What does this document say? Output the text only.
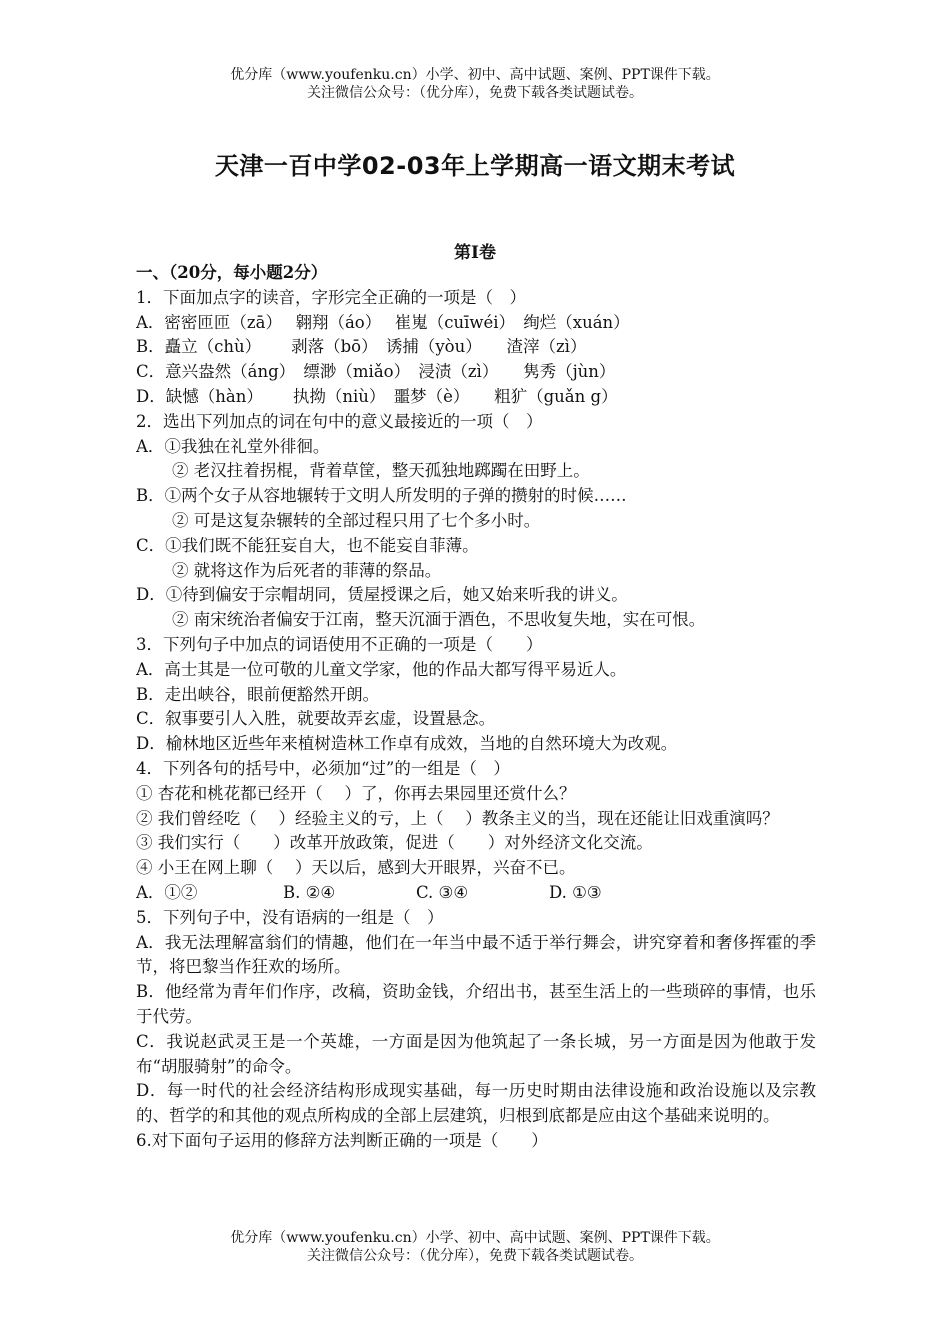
优分库（www.youfenku.cn）小学、初中、高中试题、案例、PPT课件下载。
关注微信公众号：（优分库），免费下载各类试题试卷。
天津一百中学02-03年上学期高一语文期末考试
第Ⅰ卷
一、（20分，每小题2分）
1．下面加点字的读音，字形完全正确的一项是（　）
A．密密匝匝（zā）　 翱翔（áo）　 崔嵬（cuīwéi）　绚烂（xuán）
B．矗立（chù）　　 剥落（bō）　诱捕（yòu）　　渣滓（zì）
C．意兴盎然（áng）　缥渺（miǎo）　浸渍（zì）　　隽秀（jùn）
D．缺憾（hàn）　　 执拗（niù）　噩梦（è）　　粗犷（guǎn g）
2．选出下列加点的词在句中的意义最接近的一项（　）
A．①我独在礼堂外徘徊。
② 老汉拄着拐棍，背着草筐，整天孤独地踯躅在田野上。
B．①两个女子从容地辗转于文明人所发明的子弹的攒射的时候……
② 可是这复杂辗转的全部过程只用了七个多小时。
C．①我们既不能狂妄自大，也不能妄自菲薄。
② 就将这作为后死者的菲薄的祭品。
D．①待到偏安于宗帽胡同，赁屋授课之后，她又始来听我的讲义。
② 南宋统治者偏安于江南，整天沉湎于酒色，不思收复失地，实在可恨。
3．下列句子中加点的词语使用不正确的一项是（　　）
A．高士其是一位可敬的儿童文学家，他的作品大都写得平易近人。
B．走出峡谷，眼前便豁然开朗。
C．叙事要引人入胜，就要故弄玄虚，设置悬念。
D．榆林地区近些年来植树造林工作卓有成效，当地的自然环境大为改观。
4．下列各句的括号中，必须加“过”的一组是（　）
① 杏花和桃花都已经开（　 ）了，你再去果园里还赏什么？
② 我们曾经吃（　 ）经验主义的亏，上（　 ）教条主义的当，现在还能让旧戏重演吗？
③ 我们实行（　　）改革开放政策，促进（　　）对外经济文化交流。
④ 小王在网上聊（　 ）天以后，感到大开眼界，兴奋不已。
A．①②	B. ②④	C. ③④	D. ①③
5．下列句子中，没有语病的一组是（　）
A．我无法理解富翁们的情趣，他们在一年当中最不适于举行舞会，讲究穿着和奢侈挥霍的季节，将巴黎当作狂欢的场所。
B．他经常为青年们作序，改稿，资助金钱，介绍出书，甚至生活上的一些琐碎的事情，也乐于代劳。
C．我说赵武灵王是一个英雄，一方面是因为他筑起了一条长城，另一方面是因为他敢于发布“胡服骑射”的命令。
D．每一时代的社会经济结构形成现实基础，每一历史时期由法律设施和政治设施以及宗教的、哲学的和其他的观点所构成的全部上层建筑，归根到底都是应由这个基础来说明的。
6.对下面句子运用的修辞方法判断正确的一项是（　　）
优分库（www.youfenku.cn）小学、初中、高中试题、案例、PPT课件下载。
关注微信公众号：（优分库），免费下载各类试题试卷。
